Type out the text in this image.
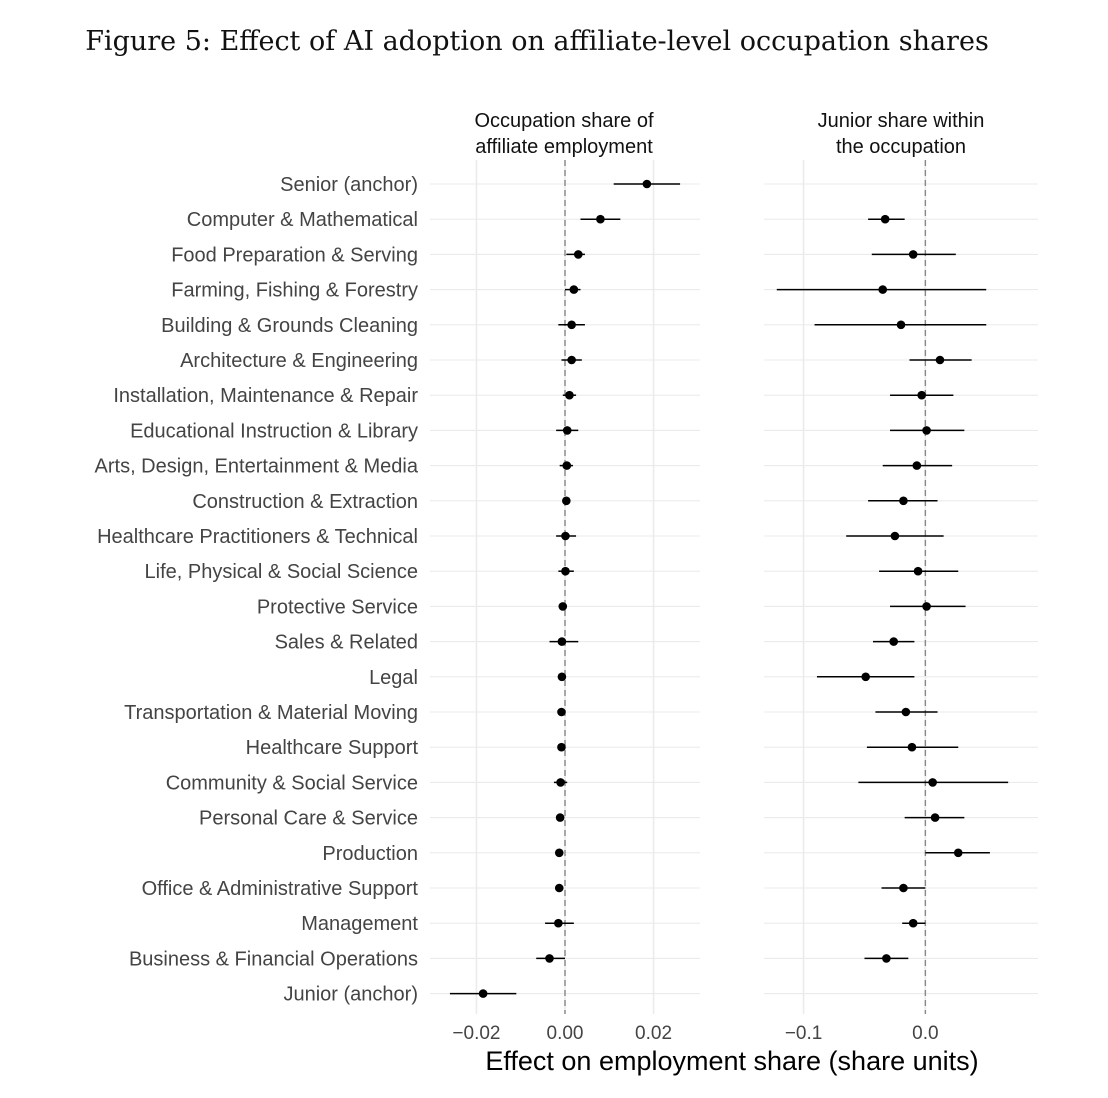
Figure 5: Effect of AI adoption on affiliate-level occupation shares
Senior (anchor)
Computer & Mathematical
Food Preparation & Serving
Farming, Fishing & Forestry
Building & Grounds Cleaning
Architecture & Engineering
Installation, Maintenance & Repair
Educational Instruction & Library
Arts, Design, Entertainment & Media
Construction & Extraction
Healthcare Practitioners & Technical
Life, Physical & Social Science
Protective Service
Sales & Related
Legal
Transportation & Material Moving
Healthcare Support
Community & Social Service
Personal Care & Service
Production
Office & Administrative Support
Management
Business & Financial Operations
Junior (anchor)
Occupation share of
affiliate employment
−0.02 0.00	0.02
Junior share within
the occupation
−0.1	0.0
Effect on employment share (share units)
